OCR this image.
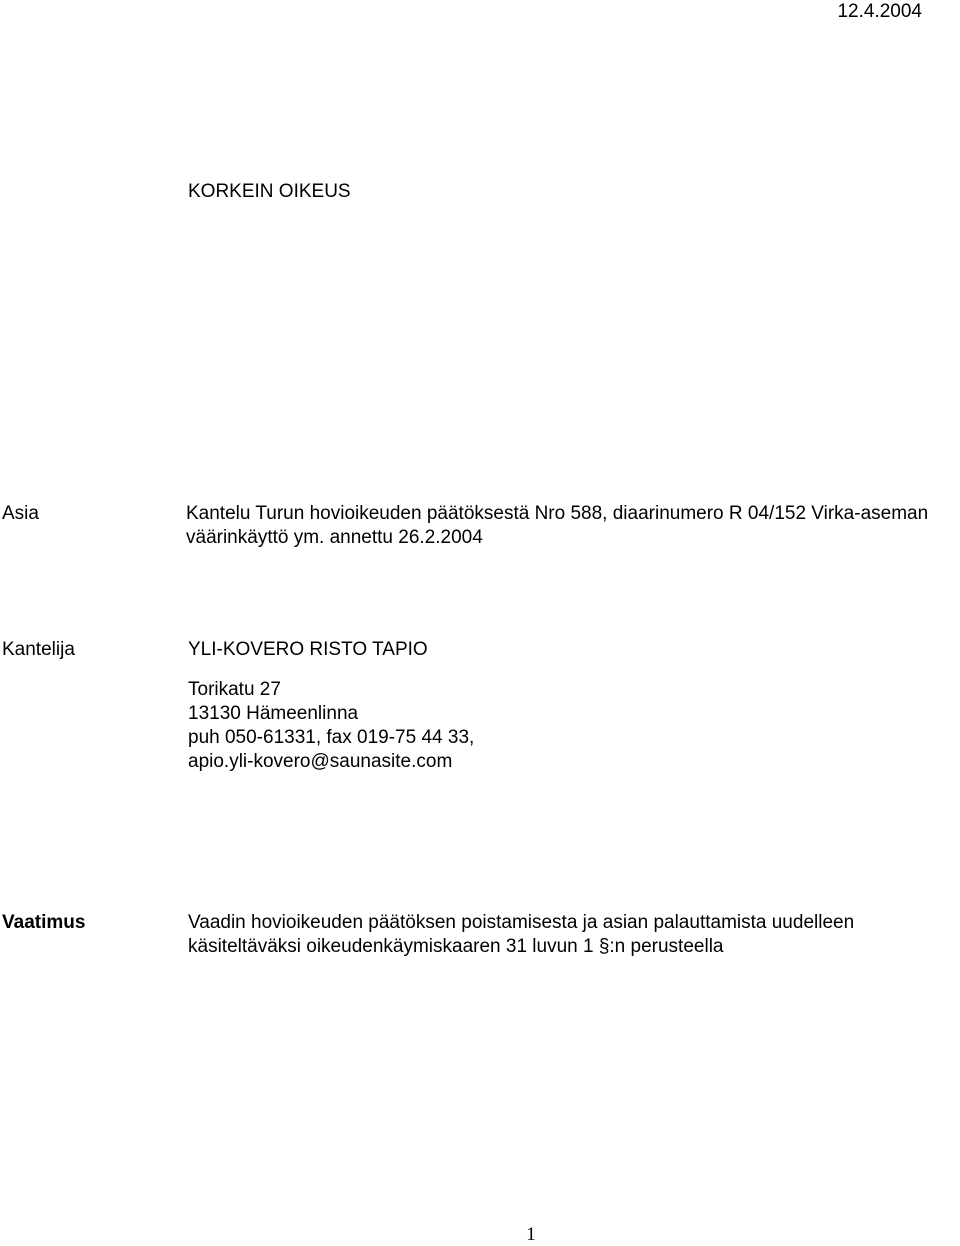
12.4.2004
KORKEIN OIKEUS
Asia	Kantelu Turun hovioikeuden päätöksestä Nro 588, diaarinumero R 04/152 Virka-aseman
väärinkäyttö ym. annettu 26.2.2004
Kantelija	YLI-KOVERO RISTO TAPIO
Torikatu 27
13130 Hämeenlinna
puh 050-61331, fax 019-75 44 33,
apio.yli-kovero@saunasite.com
Vaatimus	Vaadin hovioikeuden päätöksen poistamisesta ja asian palauttamista uudelleen
käsiteltäväksi oikeudenkäymiskaaren 31 luvun 1 §:n perusteella
1
